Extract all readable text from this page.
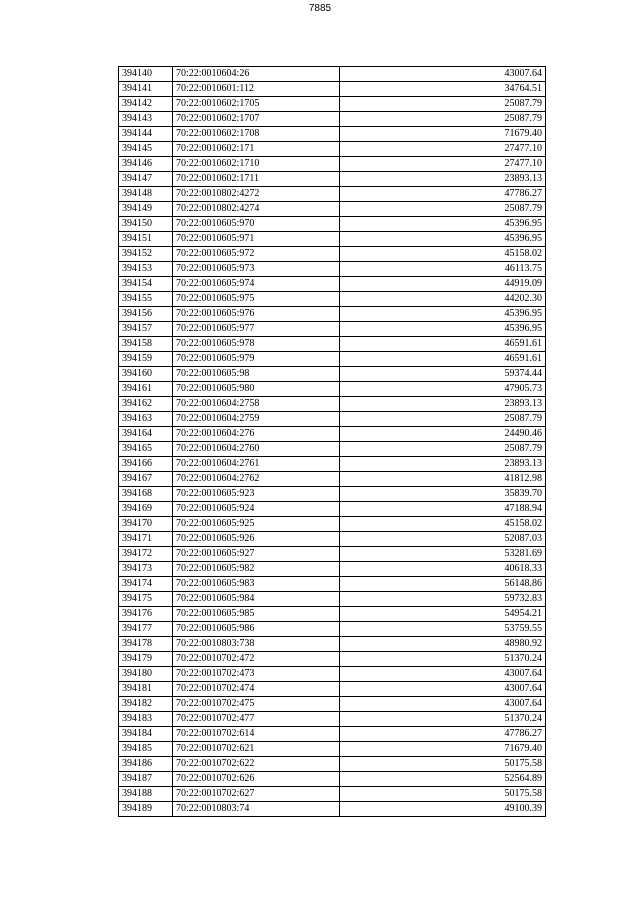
7885
394140	70:22:0010604:26	43007.64
394141	70:22:0010601:112	34764.51
394142	70:22:0010602:1705	25087.79
394143	70:22:0010602:1707	25087.79
394144	70:22:0010602:1708	71679.40
394145	70:22:0010602:171	27477.10
394146	70:22:0010602:1710	27477.10
394147	70:22:0010602:1711	23893.13
394148	70:22:0010802:4272	47786.27
394149	70:22:0010802:4274	25087.79
394150	70:22:0010605:970	45396.95
394151	70:22:0010605:971	45396.95
394152	70:22:0010605:972	45158.02
394153	70:22:0010605:973	46113.75
394154	70:22:0010605:974	44919.09
394155	70:22:0010605:975	44202.30
394156	70:22:0010605:976	45396.95
394157	70:22:0010605:977	45396.95
394158	70:22:0010605:978	46591.61
394159	70:22:0010605:979	46591.61
394160	70:22:0010605:98	59374.44
394161	70:22:0010605:980	47905.73
394162	70:22:0010604:2758	23893.13
394163	70:22:0010604:2759	25087.79
394164	70:22:0010604:276	24490.46
394165	70:22:0010604:2760	25087.79
394166	70:22:0010604:2761	23893.13
394167	70:22:0010604:2762	41812.98
394168	70:22:0010605:923	35839.70
394169	70:22:0010605:924	47188.94
394170	70:22:0010605:925	45158.02
394171	70:22:0010605:926	52087.03
394172	70:22:0010605:927	53281.69
394173	70:22:0010605:982	40618.33
394174	70:22:0010605:983	56148.86
394175	70:22:0010605:984	59732.83
394176	70:22:0010605:985	54954.21
394177	70:22:0010605:986	53759.55
394178	70:22:0010803:738	48980.92
394179	70:22:0010702:472	51370.24
394180	70:22:0010702:473	43007.64
394181	70:22:0010702:474	43007.64
394182	70:22:0010702:475	43007.64
394183	70:22:0010702:477	51370.24
394184	70:22:0010702:614	47786.27
394185	70:22:0010702:621	71679.40
394186	70:22:0010702:622	50175.58
394187	70:22:0010702:626	52564.89
394188	70:22:0010702:627	50175.58
394189	70:22:0010803:74	49100.39
